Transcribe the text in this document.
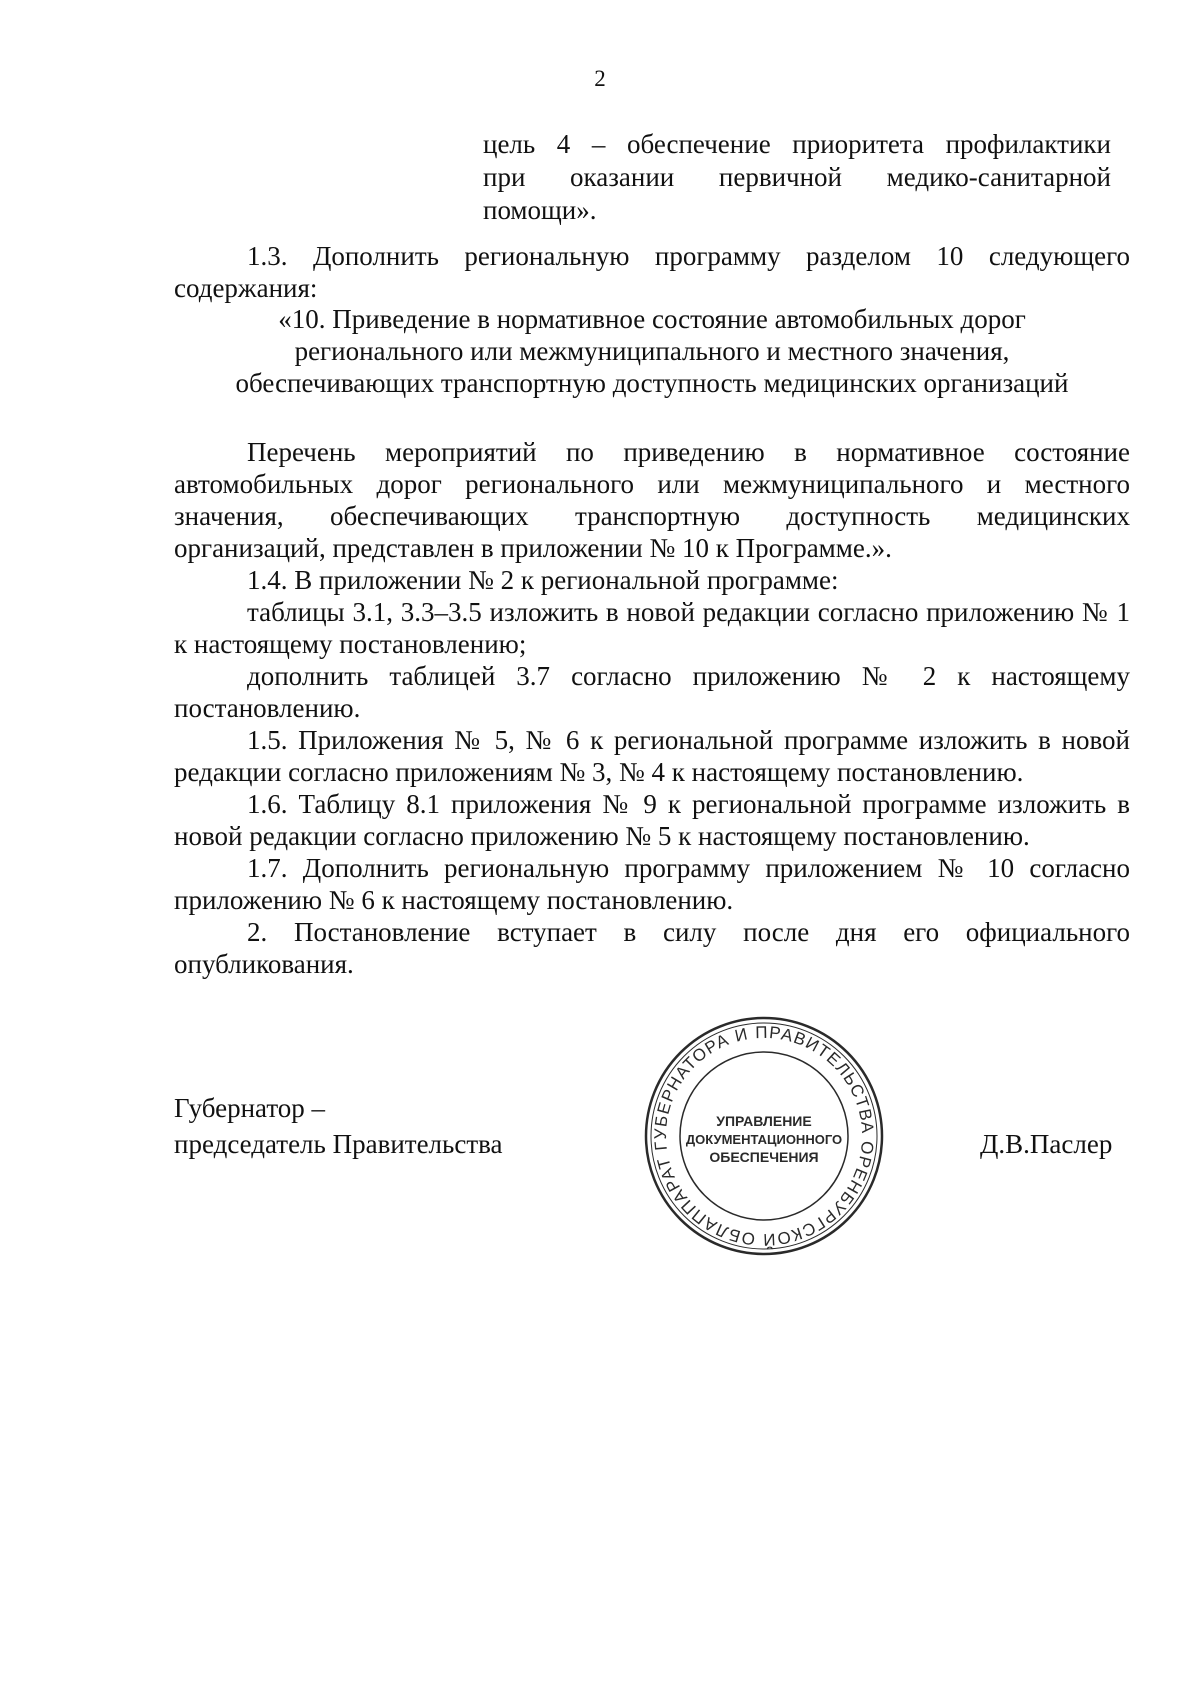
2
цель 4 – обеспечение приоритета профилактики
при оказании первичной медико-санитарной
помощи».

1.3. Дополнить региональную программу разделом 10 следующего содержания:

«10. Приведение в нормативное состояние автомобильных дорог
регионального или межмуниципального и местного значения,
обеспечивающих транспортную доступность медицинских организаций

Перечень мероприятий по приведению в нормативное состояние автомобильных дорог регионального или межмуниципального и местного значения, обеспечивающих транспортную доступность медицинских организаций, представлен в приложении № 10 к Программе.».

1.4. В приложении № 2 к региональной программе:

таблицы 3.1, 3.3–3.5 изложить в новой редакции согласно приложению № 1 к настоящему постановлению;

дополнить таблицей 3.7 согласно приложению № 2 к настоящему постановлению.

1.5. Приложения № 5, № 6 к региональной программе изложить в новой редакции согласно приложениям № 3, № 4 к настоящему постановлению.

1.6. Таблицу 8.1 приложения № 9 к региональной программе изложить в новой редакции согласно приложению № 5 к настоящему постановлению.

1.7. Дополнить региональную программу приложением № 10 согласно приложению № 6 к настоящему постановлению.

2. Постановление вступает в силу после дня его официального опубликования.

Губернатор –
председатель Правительства	Д.В.Паслер
АППАРАТ ГУБЕРНАТОРА И ПРАВИТЕЛЬСТВА ОРЕНБУРГСКОЙ ОБЛАСТИ
УПРАВЛЕНИЕ
ДОКУМЕНТАЦИОННОГО
ОБЕСПЕЧЕНИЯ
